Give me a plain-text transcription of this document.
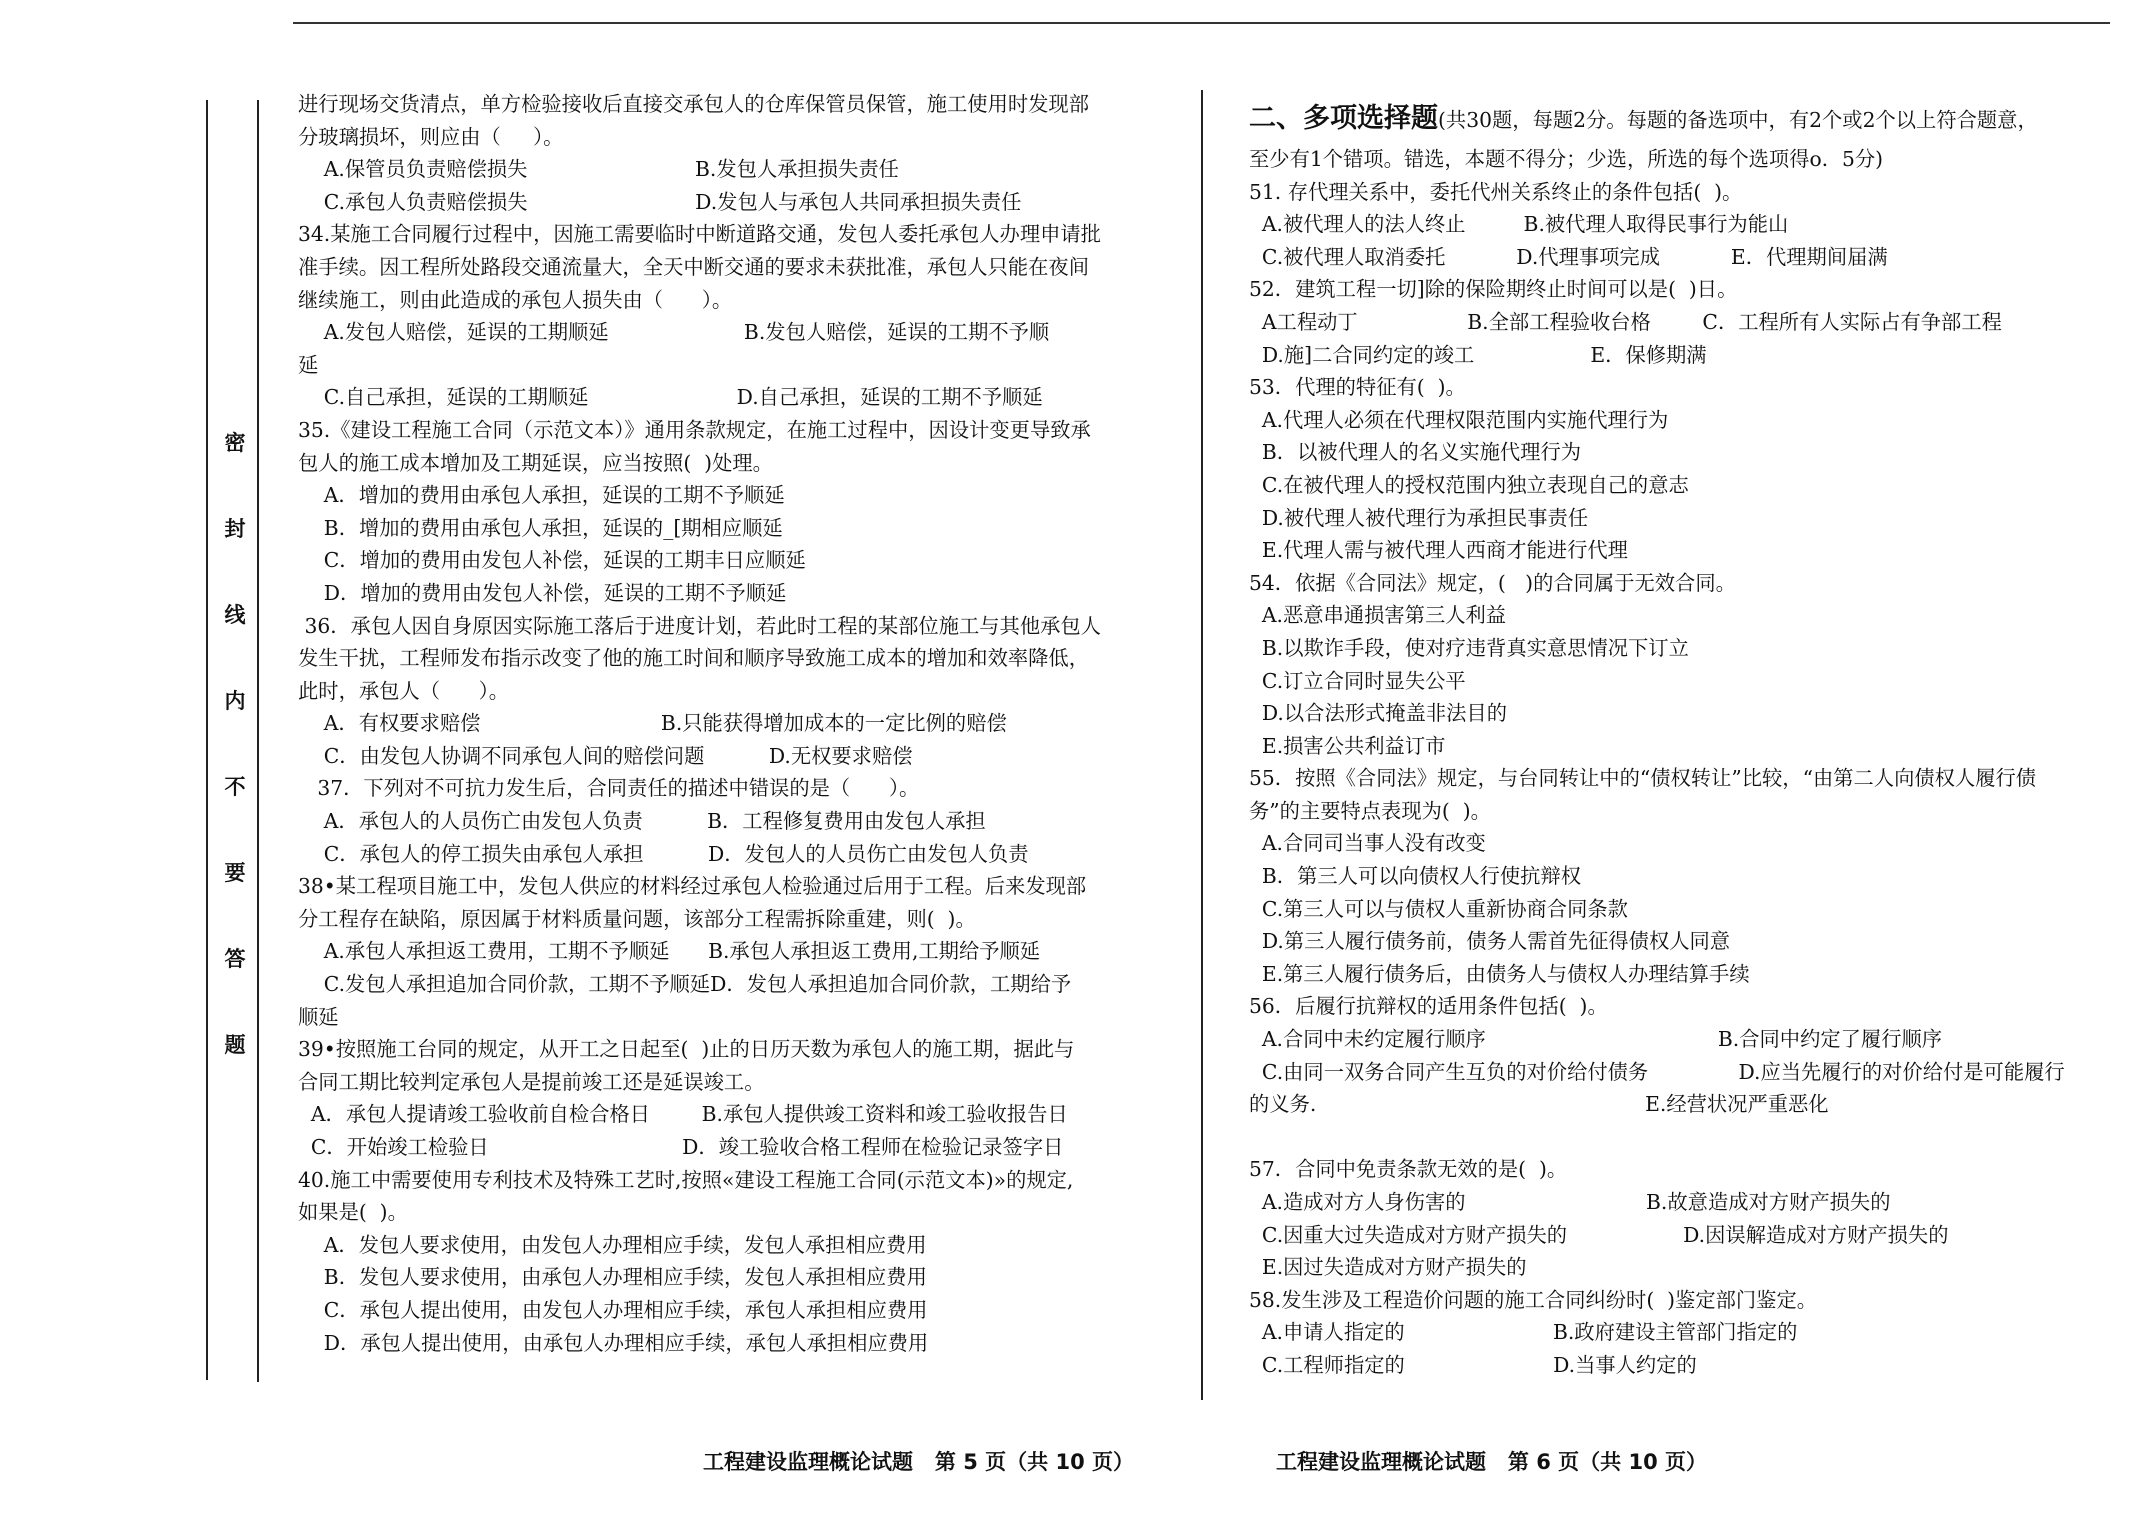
密
封
线
内
不
要
答
题
进行现场交货清点，单方检验接收后直接交承包人的仓库保管员保管，施工使用时发现部
分玻璃损坏，则应由（     ）。
A.保管员负责赔偿损失                          B.发包人承担损失责任
C.承包人负责赔偿损失                          D.发包人与承包人共同承担损失责任
34.某施工合同履行过程中，因施工需要临时中断道路交通，发包人委托承包人办理申请批
准手续。因工程所处路段交通流量大，全天中断交通的要求未获批准，承包人只能在夜间
继续施工，则由此造成的承包人损失由（      ）。
A.发包人赔偿，延误的工期顺延                     B.发包人赔偿，延误的工期不予顺
延
C.自己承担，延误的工期顺延                       D.自己承担，延误的工期不予顺延
35.《建设工程施工合同（示范文本）》通用条款规定，在施工过程中，因设计变更导致承
包人的施工成本增加及工期延误，应当按照(  )处理。
A．增加的费用由承包人承担，延误的工期不予顺延
B．增加的费用由承包人承担，延误的_[期相应顺延
C．增加的费用由发包人补偿，延误的工期丰日应顺延
D．增加的费用由发包人补偿，延误的工期不予顺延
36．承包人因自身原因实际施工落后于进度计划，若此时工程的某部位施工与其他承包人
发生干扰，工程师发布指示改变了他的施工时间和顺序导致施工成本的增加和效率降低，
此时，承包人（      ）。
A．有权要求赔偿                            B.只能获得增加成本的一定比例的赔偿
C．由发包人协调不同承包人间的赔偿问题          D.无权要求赔偿
37．下列对不可抗力发生后，合同责任的描述中错误的是（      ）。
A．承包人的人员伤亡由发包人负责          B．工程修复费用由发包人承担
C．承包人的停工损失由承包人承担          D．发包人的人员伤亡由发包人负责
38•某工程项目施工中，发包人供应的材料经过承包人检验通过后用于工程。后来发现部
分工程存在缺陷，原因属于材料质量问题，该部分工程需拆除重建，则(  )。
A.承包人承担返工费用，工期不予顺延      B.承包人承担返工费用,工期给予顺延
C.发包人承担追加合同价款，工期不予顺延D．发包人承担追加合同价款，工期给予
顺延
39•按照施工台同的规定，从开工之日起至(  )止的日历天数为承包人的施工期，据此与
合同工期比较判定承包人是提前竣工还是延误竣工。
A．承包人提请竣工验收前自检合格日        B.承包人提供竣工资料和竣工验收报告日
C．开始竣工检验日                              D．竣工验收合格工程师在检验记录签字日
40.施工中需要使用专利技术及特殊工艺时,按照«建设工程施工合同(示范文本)»的规定,
如果是(  )。
A．发包人要求使用，由发包人办理相应手续，发包人承担相应费用
B．发包人要求使用，由承包人办理相应手续，发包人承担相应费用
C．承包人提出使用，由发包人办理相应手续，承包人承担相应费用
D．承包人提出使用，由承包人办理相应手续，承包人承担相应费用
二、多项选择题(共30题，每题2分。每题的备选项中，有2个或2个以上符合题意，
至少有1个错项。错选，本题不得分；少选，所选的每个选项得o．5分)
51. 存代理关系中，委托代州关系终止的条件包括(  )。
A.被代理人的法人终止         B.被代理人取得民事行为能山
C.被代理人取消委托           D.代理事项完成           E．代理期间届满
52．建筑工程一切]除的保险期终止时间可以是(  )日。
A工程动丁                 B.全部工程验收台格        C．工程所有人实际占有争部工程
D.施]二合同约定的竣工                  E．保修期满
53．代理的特征有(  )。
A.代理人必须在代理权限范围内实施代理行为
B．以被代理人的名义实施代理行为
C.在被代理人的授权范围内独立表现自己的意志
D.被代理人被代理行为承担民事责任
E.代理人需与被代理人西商才能进行代理
54．依据《合同法》规定，(   )的合同属于无效合同。
A.恶意串通损害第三人利益
B.以欺诈手段，使对疗违背真实意思情况下订立
C.订立合同时显失公平
D.以合法形式掩盖非法目的
E.损害公共利益订市
55．按照《合同法》规定，与台同转让中的“债权转让”比较，“由第二人向债权人履行债
务”的主要特点表现为(  )。
A.合同司当事人没有改变
B．第三人可以向债权人行使抗辩权
C.第三人可以与债权人重新协商合同条款
D.第三人履行债务前，债务人需首先征得债权人同意
E.第三人履行债务后，由债务人与债权人办理结算手续
56．后履行抗辩权的适用条件包括(  )。
A.合同中未约定履行顺序                                    B.合同中约定了履行顺序
C.由同一双务合同产生互负的对价给付债务              D.应当先履行的对价给付是可能履行
的义务.                                                   E.经营状况严重恶化
57．合同中免责条款无效的是(  )。
A.造成对方人身伤害的                            B.故意造成对方财产损失的
C.因重大过失造成对方财产损失的                  D.因误解造成对方财产损失的
E.因过失造成对方财产损失的
58.发生涉及工程造价问题的施工合同纠纷时(  )鉴定部门鉴定。
A.申请人指定的                       B.政府建设主管部门指定的
C.工程师指定的                       D.当事人约定的
工程建设监理概论试题   第 5 页（共 10 页）	工程建设监理概论试题   第 6 页（共 10 页）
